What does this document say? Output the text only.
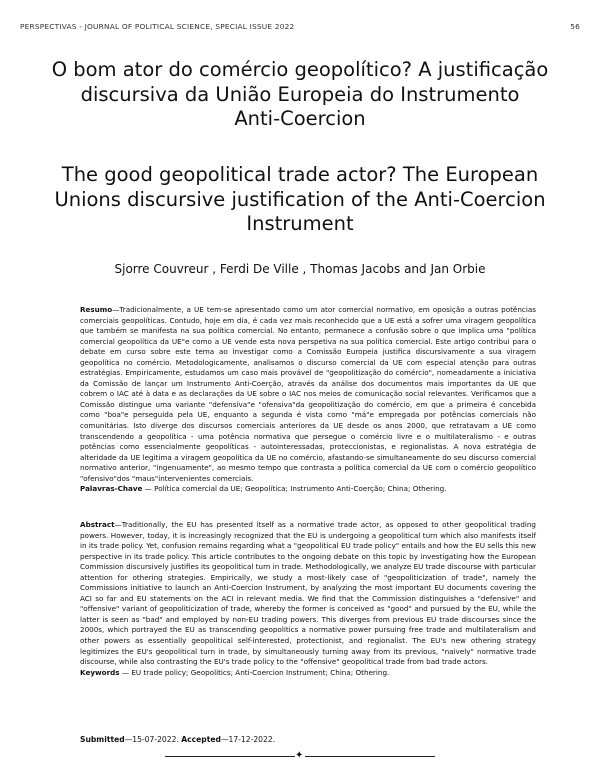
PERSPECTIVAS - JOURNAL OF POLITICAL SCIENCE, SPECIAL ISSUE 2022	56
O bom ator do comércio geopolítico? A justificação
discursiva da União Europeia do Instrumento
Anti-Coercion
The good geopolitical trade actor? The European
Unions discursive justification of the Anti-Coercion
Instrument
Sjorre Couvreur , Ferdi De Ville , Thomas Jacobs and Jan Orbie

Resumo—Tradicionalmente, a UE tem-se apresentado como um ator comercial normativo, em oposição a outras potências comerciais geopolíticas. Contudo, hoje em dia, é cada vez mais reconhecido que a UE está a sofrer uma viragem geopolítica que também se manifesta na sua política comercial. No entanto, permanece a confusão sobre o que implica uma "política comercial geopolítica da UE"e como a UE vende esta nova perspetiva na sua política comercial. Este artigo contribui para o debate em curso sobre este tema ao investigar como a Comissão Europeia justifica discursivamente a sua viragem geopolítica no comércio. Metodologicamente, analisamos o discurso comercial da UE com especial atenção para outras estratégias. Empiricamente, estudamos um caso mais provável de "geopolitização do comércio", nomeadamente a iniciativa da Comissão de lançar um Instrumento Anti-Coerção, através da análise dos documentos mais importantes da UE que cobrem o IAC até à data e as declarações da UE sobre o IAC nos meios de comunicação social relevantes. Verificamos que a Comissão distingue uma variante "defensiva"e "ofensiva"da geopolitização do comércio, em que a primeira é concebida como "boa"e perseguida pela UE, enquanto a segunda é vista como "má"e empregada por potências comerciais não comunitárias. Isto diverge dos discursos comerciais anteriores da UE desde os anos 2000, que retratavam a UE como transcendendo a geopolítica - uma potência normativa que persegue o comércio livre e o multilateralismo - e outras potências como essencialmente geopolíticas - autointeressadas, proteccionistas, e regionalistas. A nova estratégia de alteridade da UE legitima a viragem geopolítica da UE no comércio, afastando-se simultaneamente do seu discurso comercial normativo anterior, "ingenuamente", ao mesmo tempo que contrasta a política comercial da UE com o comércio geopolítico "ofensivo"dos "maus"intervenientes comerciais.
Palavras-Chave — Política comercial da UE; Geopolítica; Instrumento Anti-Coerção; China; Othering.

Abstract—Traditionally, the EU has presented itself as a normative trade actor, as opposed to other geopolitical trading powers. However, today, it is increasingly recognized that the EU is undergoing a geopolitical turn which also manifests itself in its trade policy. Yet, confusion remains regarding what a "geopolitical EU trade policy" entails and how the EU sells this new perspective in its trade policy. This article contributes to the ongoing debate on this topic by investigating how the European Commission discursively justifies its geopolitical turn in trade. Methodologically, we analyze EU trade discourse with particular attention for othering strategies. Empirically, we study a most-likely case of "geopoliticization of trade", namely the Commissions initiative to launch an Anti-Coercion Instrument, by analyzing the most important EU documents covering the ACI so far and EU statements on the ACI in relevant media. We find that the Commission distinguishes a "defensive" and "offensive" variant of geopoliticization of trade, whereby the former is conceived as "good" and pursued by the EU, while the latter is seen as "bad" and employed by non-EU trading powers. This diverges from previous EU trade discourses since the 2000s, which portrayed the EU as transcending geopolitics a normative power pursuing free trade and multilateralism and other powers as essentially geopolitical self-interested, protectionist, and regionalist. The EU's new othering strategy legitimizes the EU's geopolitical turn in trade, by simultaneously turning away from its previous, "naively" normative trade discourse, while also contrasting the EU's trade policy to the "offensive" geopolitical trade from bad trade actors.
Keywords — EU trade policy; Geopolitics; Anti-Coercion Instrument; China; Othering.

Submitted—15-07-2022. Accepted—17-12-2022.
✦
